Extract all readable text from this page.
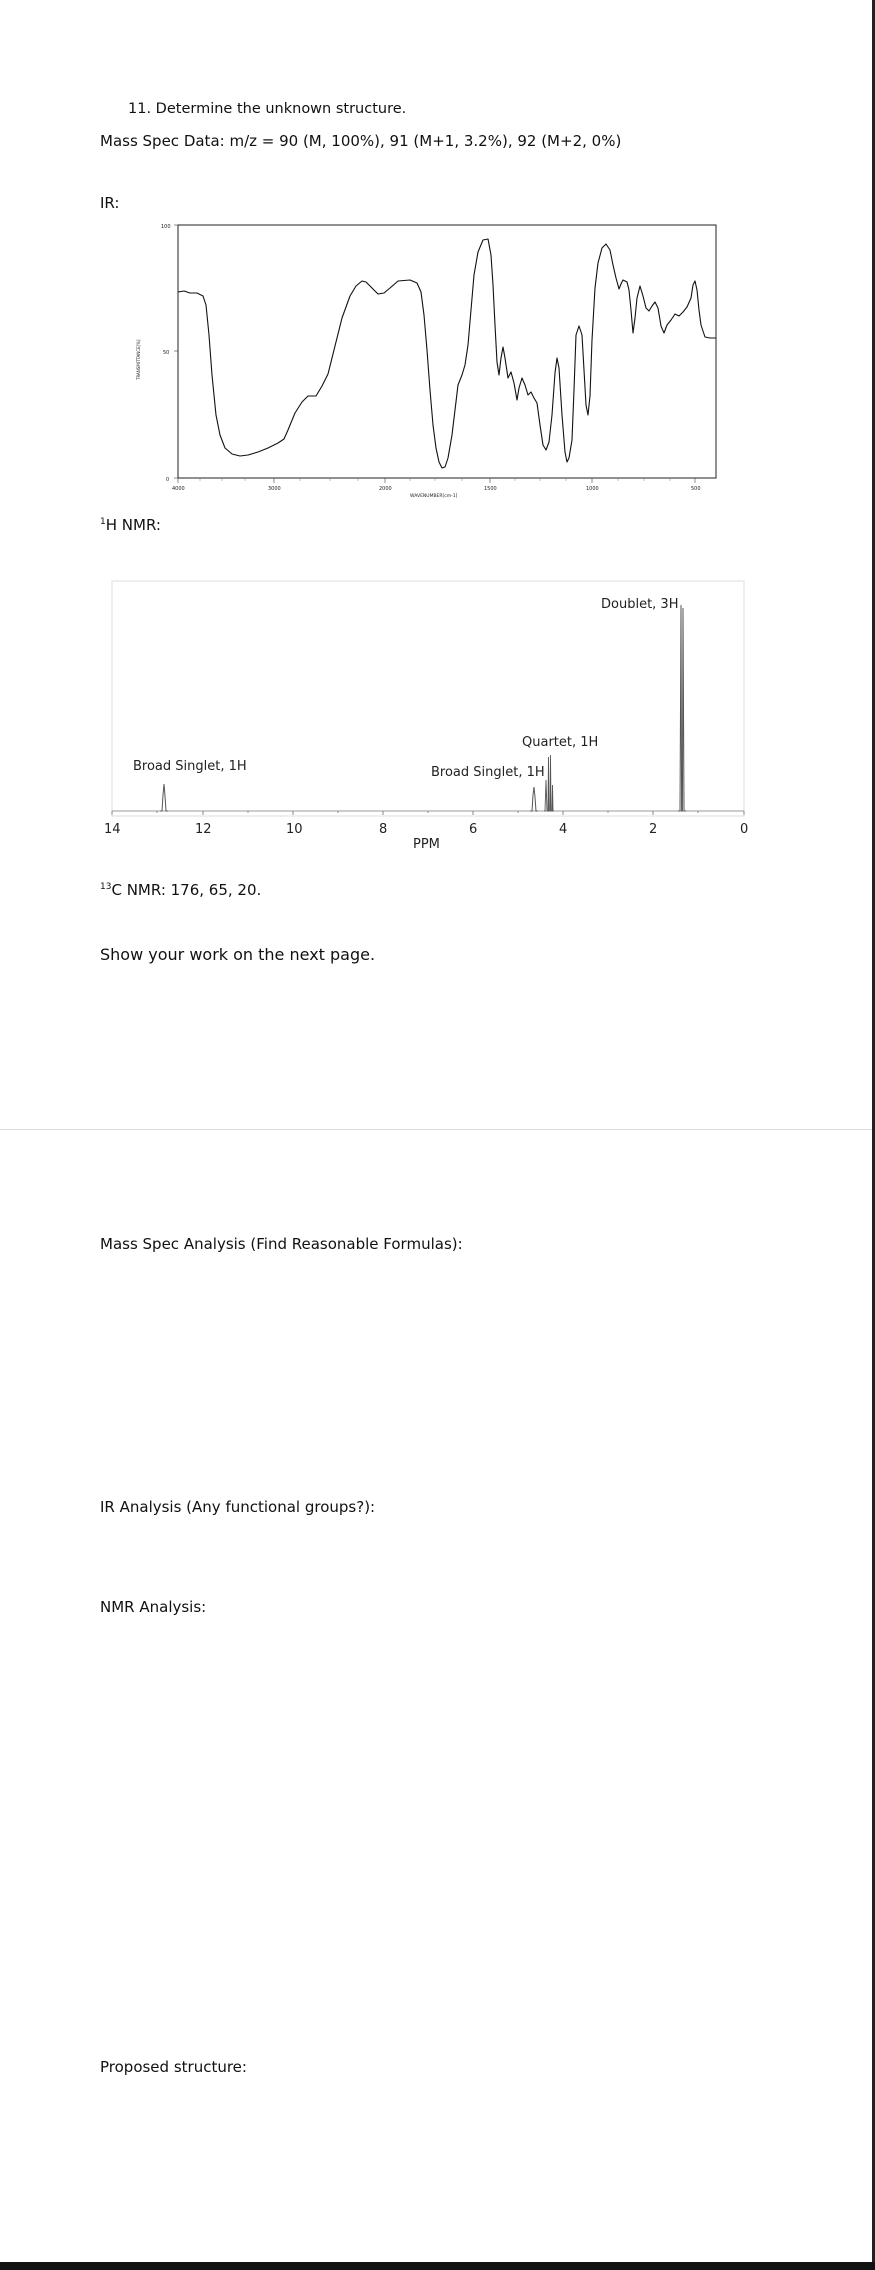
11. Determine the unknown structure.
Mass Spec Data: m/z = 90 (M, 100%), 91 (M+1, 3.2%), 92 (M+2, 0%)
IR:
100
50
0
TRANSMITTANCE[%]
4000	3000	2000	1500	1000	500
WAVENUMBER[cm-1]
$^1$H NMR:
14	12	10	8	6	4	2	0
PPM
Broad Singlet, 1H	Broad Singlet, 1H
Quartet, 1H
Doublet, 3H
$^{13}$C NMR: 176, 65, 20.
Show your work on the next page.
Mass Spec Analysis (Find Reasonable Formulas):
IR Analysis (Any functional groups?):
NMR Analysis:
Proposed structure:
